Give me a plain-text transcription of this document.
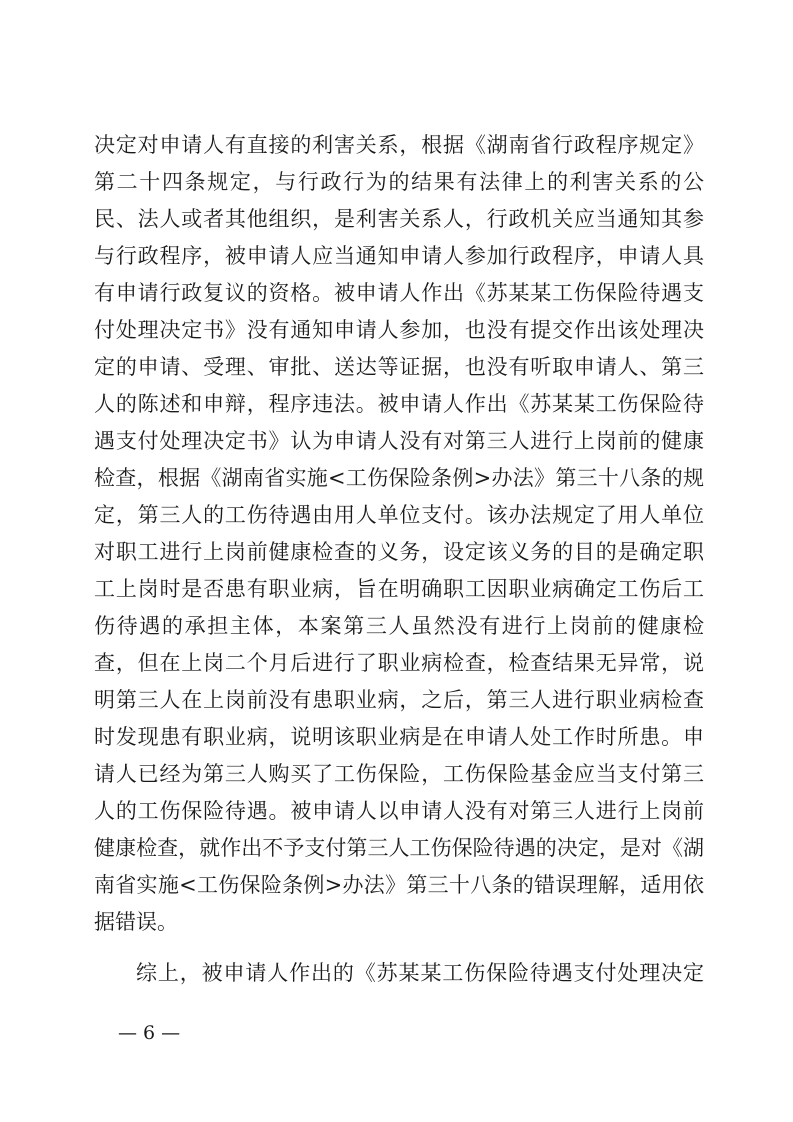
决定对申请人有直接的利害关系，根据《湖南省行政程序规定》
第二十四条规定，与行政行为的结果有法律上的利害关系的公
民、法人或者其他组织，是利害关系人，行政机关应当通知其参
与行政程序，被申请人应当通知申请人参加行政程序，申请人具
有申请行政复议的资格。被申请人作出《苏某某工伤保险待遇支
付处理决定书》没有通知申请人参加，也没有提交作出该处理决
定的申请、受理、审批、送达等证据，也没有听取申请人、第三
人的陈述和申辩，程序违法。被申请人作出《苏某某工伤保险待
遇支付处理决定书》认为申请人没有对第三人进行上岗前的健康
检查，根据《湖南省实施<工伤保险条例>办法》第三十八条的规
定，第三人的工伤待遇由用人单位支付。该办法规定了用人单位
对职工进行上岗前健康检查的义务，设定该义务的目的是确定职
工上岗时是否患有职业病，旨在明确职工因职业病确定工伤后工
伤待遇的承担主体，本案第三人虽然没有进行上岗前的健康检
查，但在上岗二个月后进行了职业病检查，检查结果无异常，说
明第三人在上岗前没有患职业病，之后，第三人进行职业病检查
时发现患有职业病，说明该职业病是在申请人处工作时所患。申
请人已经为第三人购买了工伤保险，工伤保险基金应当支付第三
人的工伤保险待遇。被申请人以申请人没有对第三人进行上岗前
健康检查，就作出不予支付第三人工伤保险待遇的决定，是对《湖
南省实施<工伤保险条例>办法》第三十八条的错误理解，适用依
据错误。
综上，被申请人作出的《苏某某工伤保险待遇支付处理决定
— 6 —
